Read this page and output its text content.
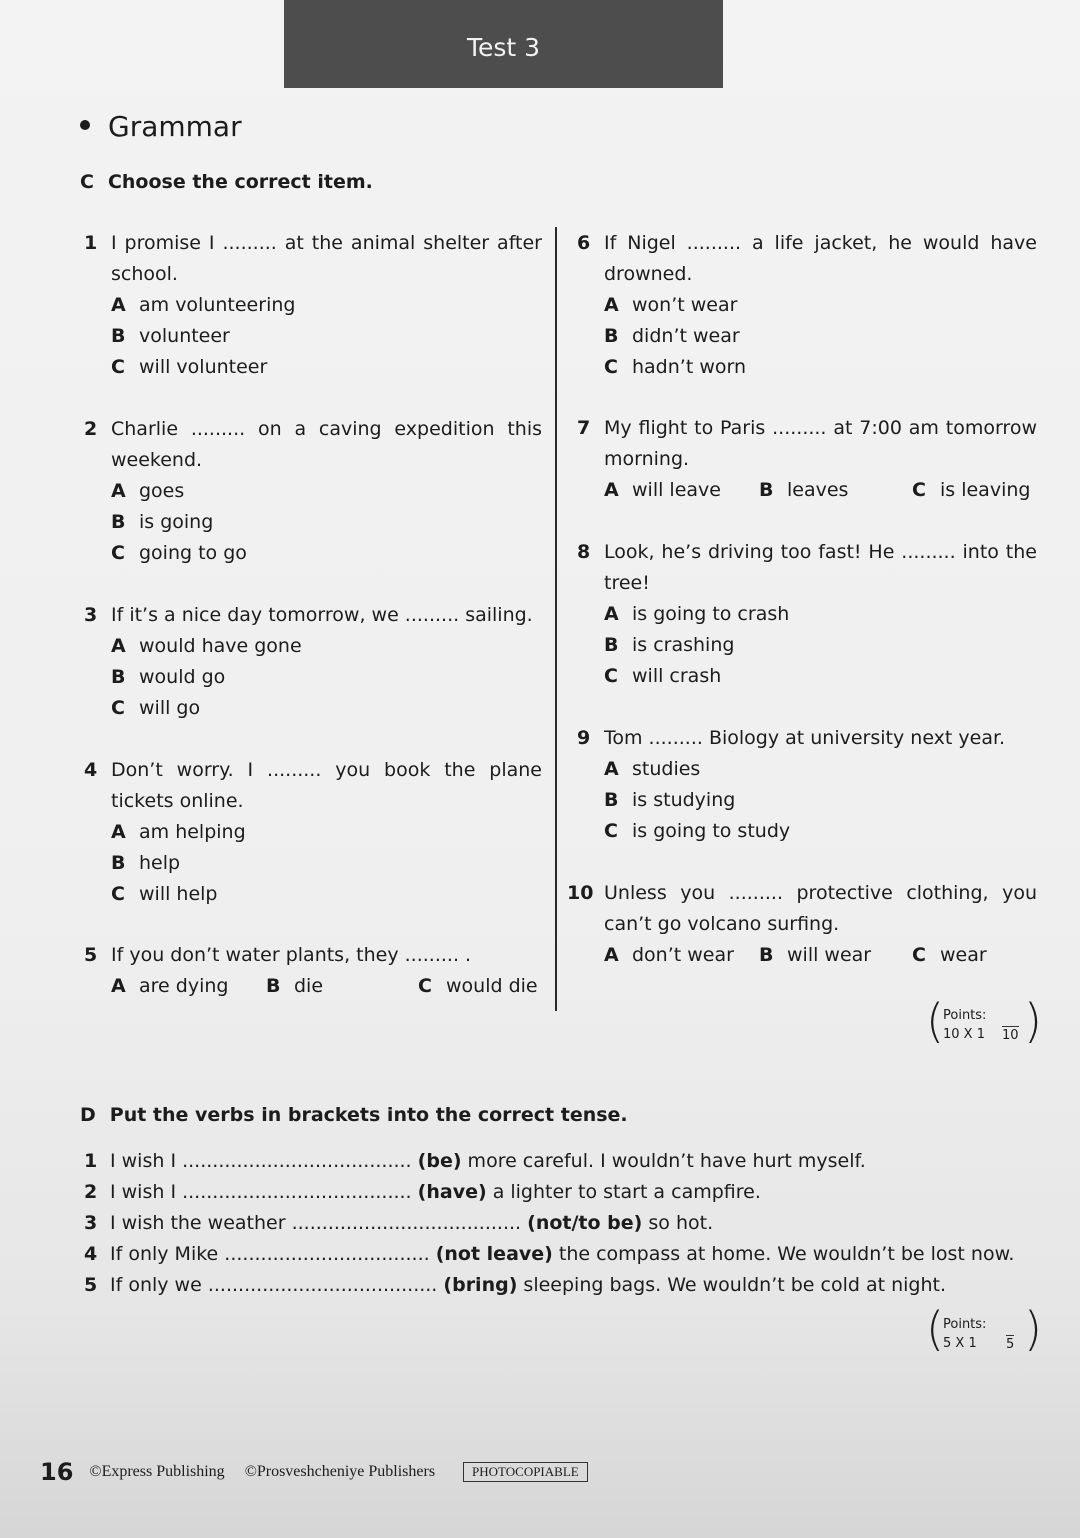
Test 3
Grammar
C Choose the correct item.
1 I promise I ......... at the animal shelter after school.
A am volunteering
B volunteer
C will volunteer
2 Charlie ......... on a caving expedition this weekend.
A goes
B is going
C going to go
3 If it’s a nice day tomorrow, we ......... sailing.
A would have gone
B would go
C will go
4 Don’t worry. I ......... you book the plane tickets online.
A am helping
B help
C will help
5 If you don’t water plants, they ......... .
A are dying	B die	C would die
6 If Nigel ......... a life jacket, he would have drowned.
A won’t wear
B didn’t wear
C hadn’t worn
7 My flight to Paris ......... at 7:00 am tomorrow morning.
A will leave	B leaves	C is leaving
8 Look, he’s driving too fast! He ......... into the tree!
A is going to crash
B is crashing
C will crash
9 Tom ......... Biology at university next year.
A studies
B is studying
C is going to study
10 Unless you ......... protective clothing, you can’t go volcano surfing.
A don’t wear	B will wear	C wear
( Points:
10 X 1 10 )
D Put the verbs in brackets into the correct tense.
1 I wish I ...................................... (be) more careful. I wouldn’t have hurt myself.
2 I wish I ...................................... (have) a lighter to start a campfire.
3 I wish the weather ...................................... (not/to be) so hot.
4 If only Mike .................................. (not leave) the compass at home. We wouldn’t be lost now.
5 If only we ...................................... (bring) sleeping bags. We wouldn’t be cold at night.
( Points:
5 X 1 5 )
16 ©Express Publishing ©Prosveshcheniye Publishers	PHOTOCOPIABLE
